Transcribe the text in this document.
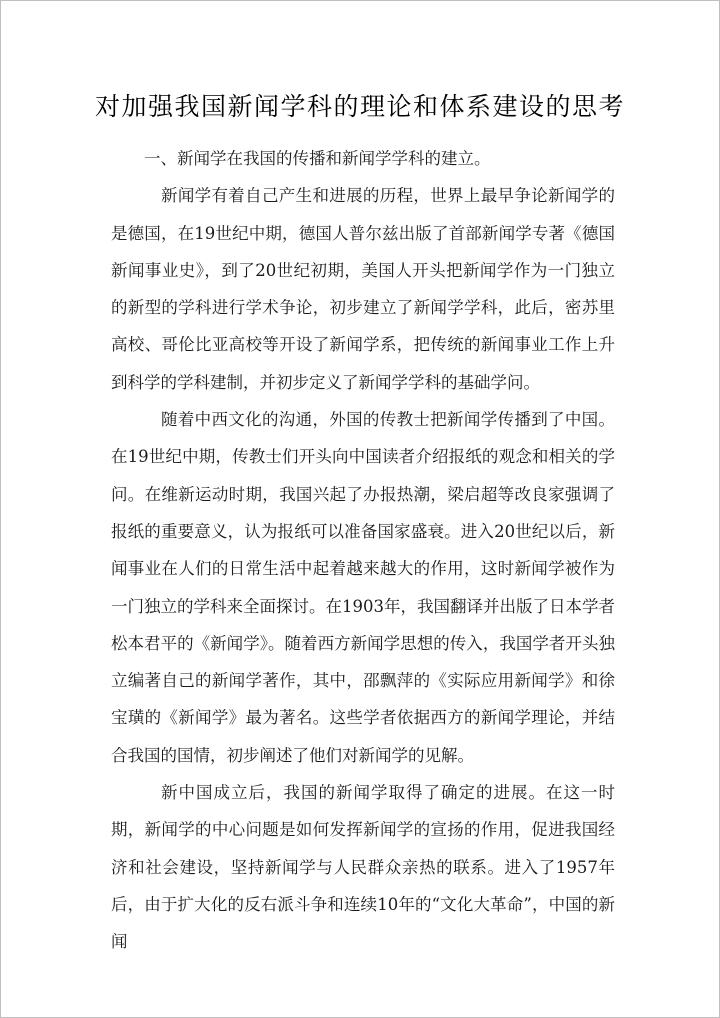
对加强我国新闻学科的理论和体系建设的思考

一、新闻学在我国的传播和新闻学学科的建立。

新闻学有着自己产生和进展的历程，世界上最早争论新闻学的是德国，在19世纪中期，德国人普尔兹出版了首部新闻学专著《德国新闻事业史》，到了20世纪初期，美国人开头把新闻学作为一门独立的新型的学科进行学术争论，初步建立了新闻学学科，此后，密苏里高校、哥伦比亚高校等开设了新闻学系，把传统的新闻事业工作上升到科学的学科建制，并初步定义了新闻学学科的基础学问。

随着中西文化的沟通，外国的传教士把新闻学传播到了中国。在19世纪中期，传教士们开头向中国读者介绍报纸的观念和相关的学问。在维新运动时期，我国兴起了办报热潮，梁启超等改良家强调了报纸的重要意义，认为报纸可以准备国家盛衰。进入20世纪以后，新闻事业在人们的日常生活中起着越来越大的作用，这时新闻学被作为一门独立的学科来全面探讨。在1903年，我国翻译并出版了日本学者松本君平的《新闻学》。随着西方新闻学思想的传入，我国学者开头独立编著自己的新闻学著作，其中，邵飘萍的《实际应用新闻学》和徐宝璜的《新闻学》最为著名。这些学者依据西方的新闻学理论，并结合我国的国情，初步阐述了他们对新闻学的见解。

新中国成立后，我国的新闻学取得了确定的进展。在这一时期，新闻学的中心问题是如何发挥新闻学的宣扬的作用，促进我国经济和社会建设，坚持新闻学与人民群众亲热的联系。进入了1957年后，由于扩大化的反右派斗争和连续10年的“文化大革命”，中国的新闻
